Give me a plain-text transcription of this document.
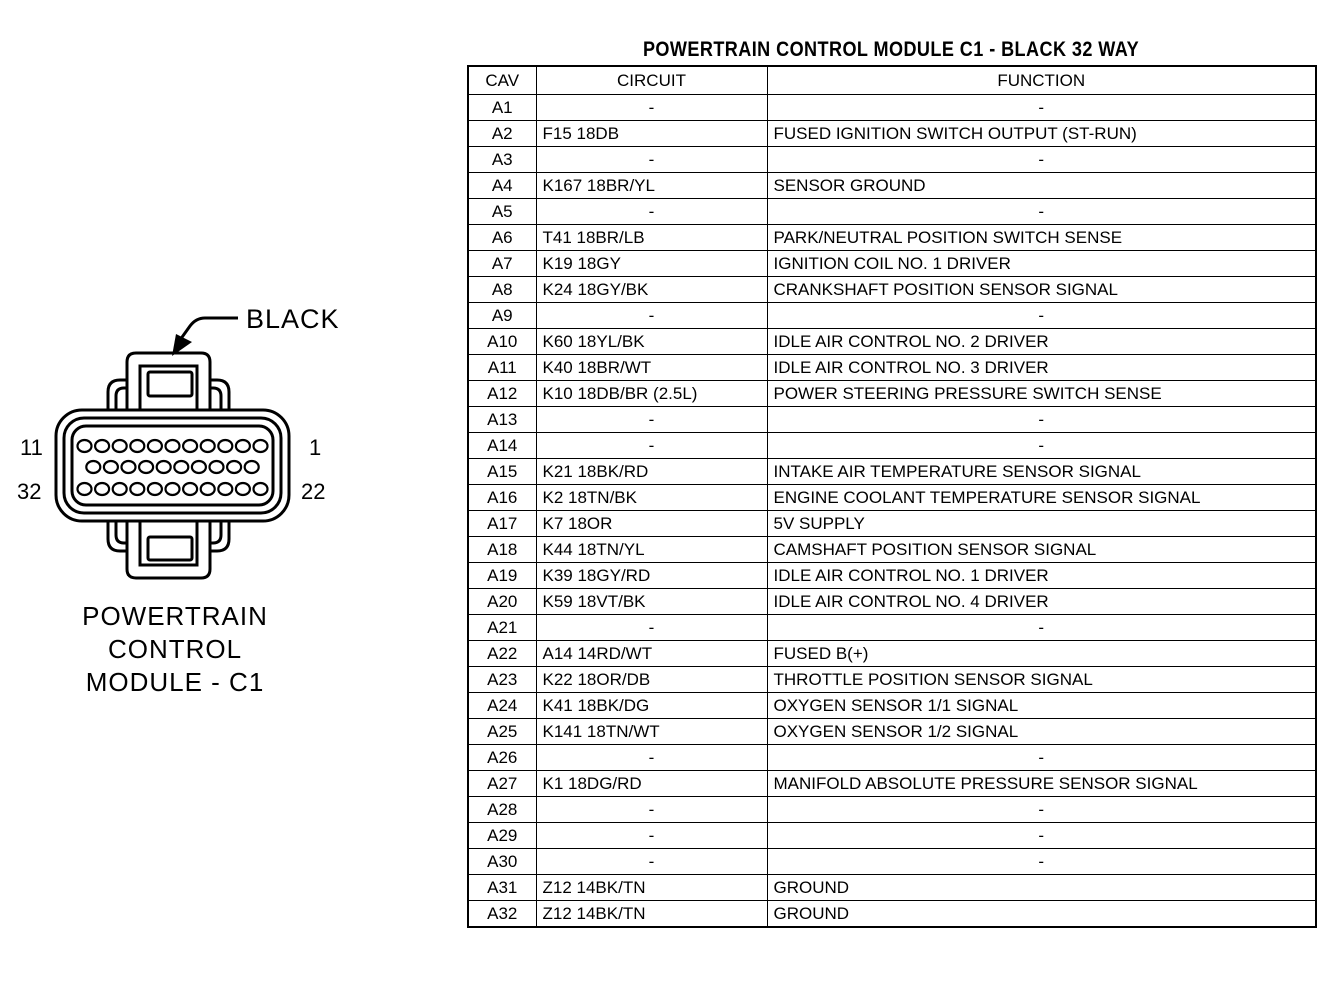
BLACK
11	1
32	22
POWERTRAIN
CONTROL
MODULE - C1
POWERTRAIN CONTROL MODULE C1 - BLACK 32 WAY
CAV	CIRCUIT	FUNCTION
A1	-	-
A2	F15 18DB	FUSED IGNITION SWITCH OUTPUT (ST-RUN)
A3	-	-
A4	K167 18BR/YL	SENSOR GROUND
A5	-	-
A6	T41 18BR/LB	PARK/NEUTRAL POSITION SWITCH SENSE
A7	K19 18GY	IGNITION COIL NO. 1 DRIVER
A8	K24 18GY/BK	CRANKSHAFT POSITION SENSOR SIGNAL
A9	-	-
A10	K60 18YL/BK	IDLE AIR CONTROL NO. 2 DRIVER
A11	K40 18BR/WT	IDLE AIR CONTROL NO. 3 DRIVER
A12	K10 18DB/BR (2.5L)	POWER STEERING PRESSURE SWITCH SENSE
A13	-	-
A14	-	-
A15	K21 18BK/RD	INTAKE AIR TEMPERATURE SENSOR SIGNAL
A16	K2 18TN/BK	ENGINE COOLANT TEMPERATURE SENSOR SIGNAL
A17	K7 18OR	5V SUPPLY
A18	K44 18TN/YL	CAMSHAFT POSITION SENSOR SIGNAL
A19	K39 18GY/RD	IDLE AIR CONTROL NO. 1 DRIVER
A20	K59 18VT/BK	IDLE AIR CONTROL NO. 4 DRIVER
A21	-	-
A22	A14 14RD/WT	FUSED B(+)
A23	K22 18OR/DB	THROTTLE POSITION SENSOR SIGNAL
A24	K41 18BK/DG	OXYGEN SENSOR 1/1 SIGNAL
A25	K141 18TN/WT	OXYGEN SENSOR 1/2 SIGNAL
A26	-	-
A27	K1 18DG/RD	MANIFOLD ABSOLUTE PRESSURE SENSOR SIGNAL
A28	-	-
A29	-	-
A30	-	-
A31	Z12 14BK/TN	GROUND
A32	Z12 14BK/TN	GROUND
